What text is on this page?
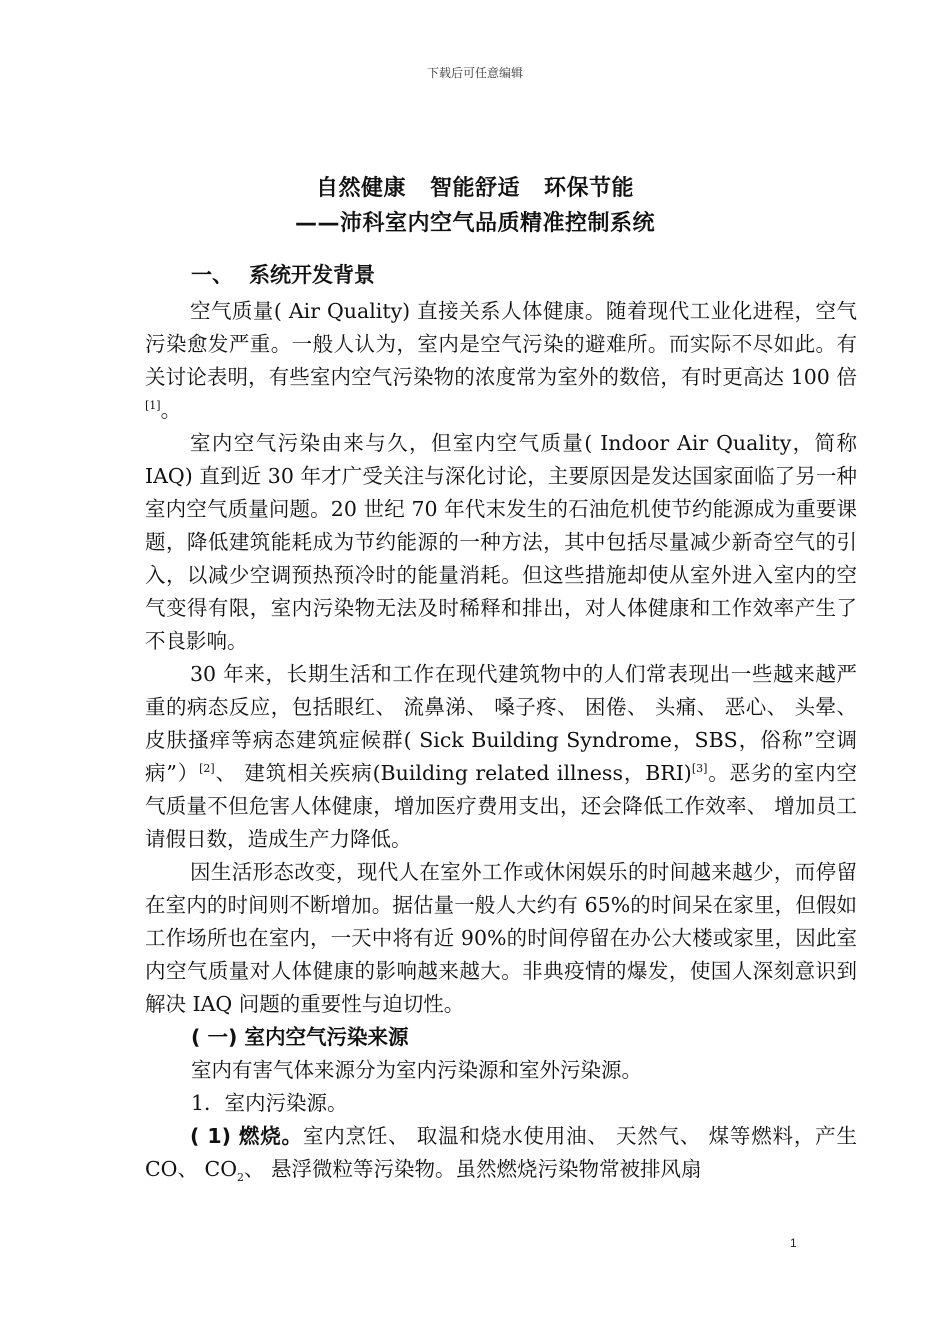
下载后可任意编辑
自然健康 智能舒适 环保节能
——沛科室内空气品质精准控制系统
一、 系统开发背景

空气质量( Air Quality) 直接关系人体健康。随着现代工业化进程，空气污染愈发严重。一般人认为，室内是空气污染的避难所。而实际不尽如此。有关讨论表明，有些室内空气污染物的浓度常为室外的数倍，有时更高达 100 倍[1]。

室内空气污染由来与久，但室内空气质量( Indoor Air Quality，简称 IAQ) 直到近 30 年才广受关注与深化讨论，主要原因是发达国家面临了另一种室内空气质量问题。20 世纪 70 年代末发生的石油危机使节约能源成为重要课题，降低建筑能耗成为节约能源的一种方法，其中包括尽量减少新奇空气的引入，以减少空调预热预冷时的能量消耗。但这些措施却使从室外进入室内的空气变得有限，室内污染物无法及时稀释和排出，对人体健康和工作效率产生了不良影响。

30 年来，长期生活和工作在现代建筑物中的人们常表现出一些越来越严重的病态反应，包括眼红、 流鼻涕、 嗓子疼、 困倦、 头痛、 恶心、 头晕、 皮肤搔痒等病态建筑症候群( Sick Building Syndrome，SBS，俗称”空调病”）[2]、 建筑相关疾病(Building related illness，BRI)[3]。恶劣的室内空气质量不但危害人体健康，增加医疗费用支出，还会降低工作效率、 增加员工请假日数，造成生产力降低。

因生活形态改变，现代人在室外工作或休闲娱乐的时间越来越少，而停留在室内的时间则不断增加。据估量一般人大约有 65%的时间呆在家里，但假如工作场所也在室内，一天中将有近 90%的时间停留在办公大楼或家里，因此室内空气质量对人体健康的影响越来越大。非典疫情的爆发，使国人深刻意识到解决 IAQ 问题的重要性与迫切性。

( 一) 室内空气污染来源
室内有害气体来源分为室内污染源和室外污染源。
1．室内污染源。

( 1) 燃烧。室内烹饪、 取温和烧水使用油、 天然气、 煤等燃料，产生 CO、 $CO_2$、 悬浮微粒等污染物。虽然燃烧污染物常被排风扇

1
